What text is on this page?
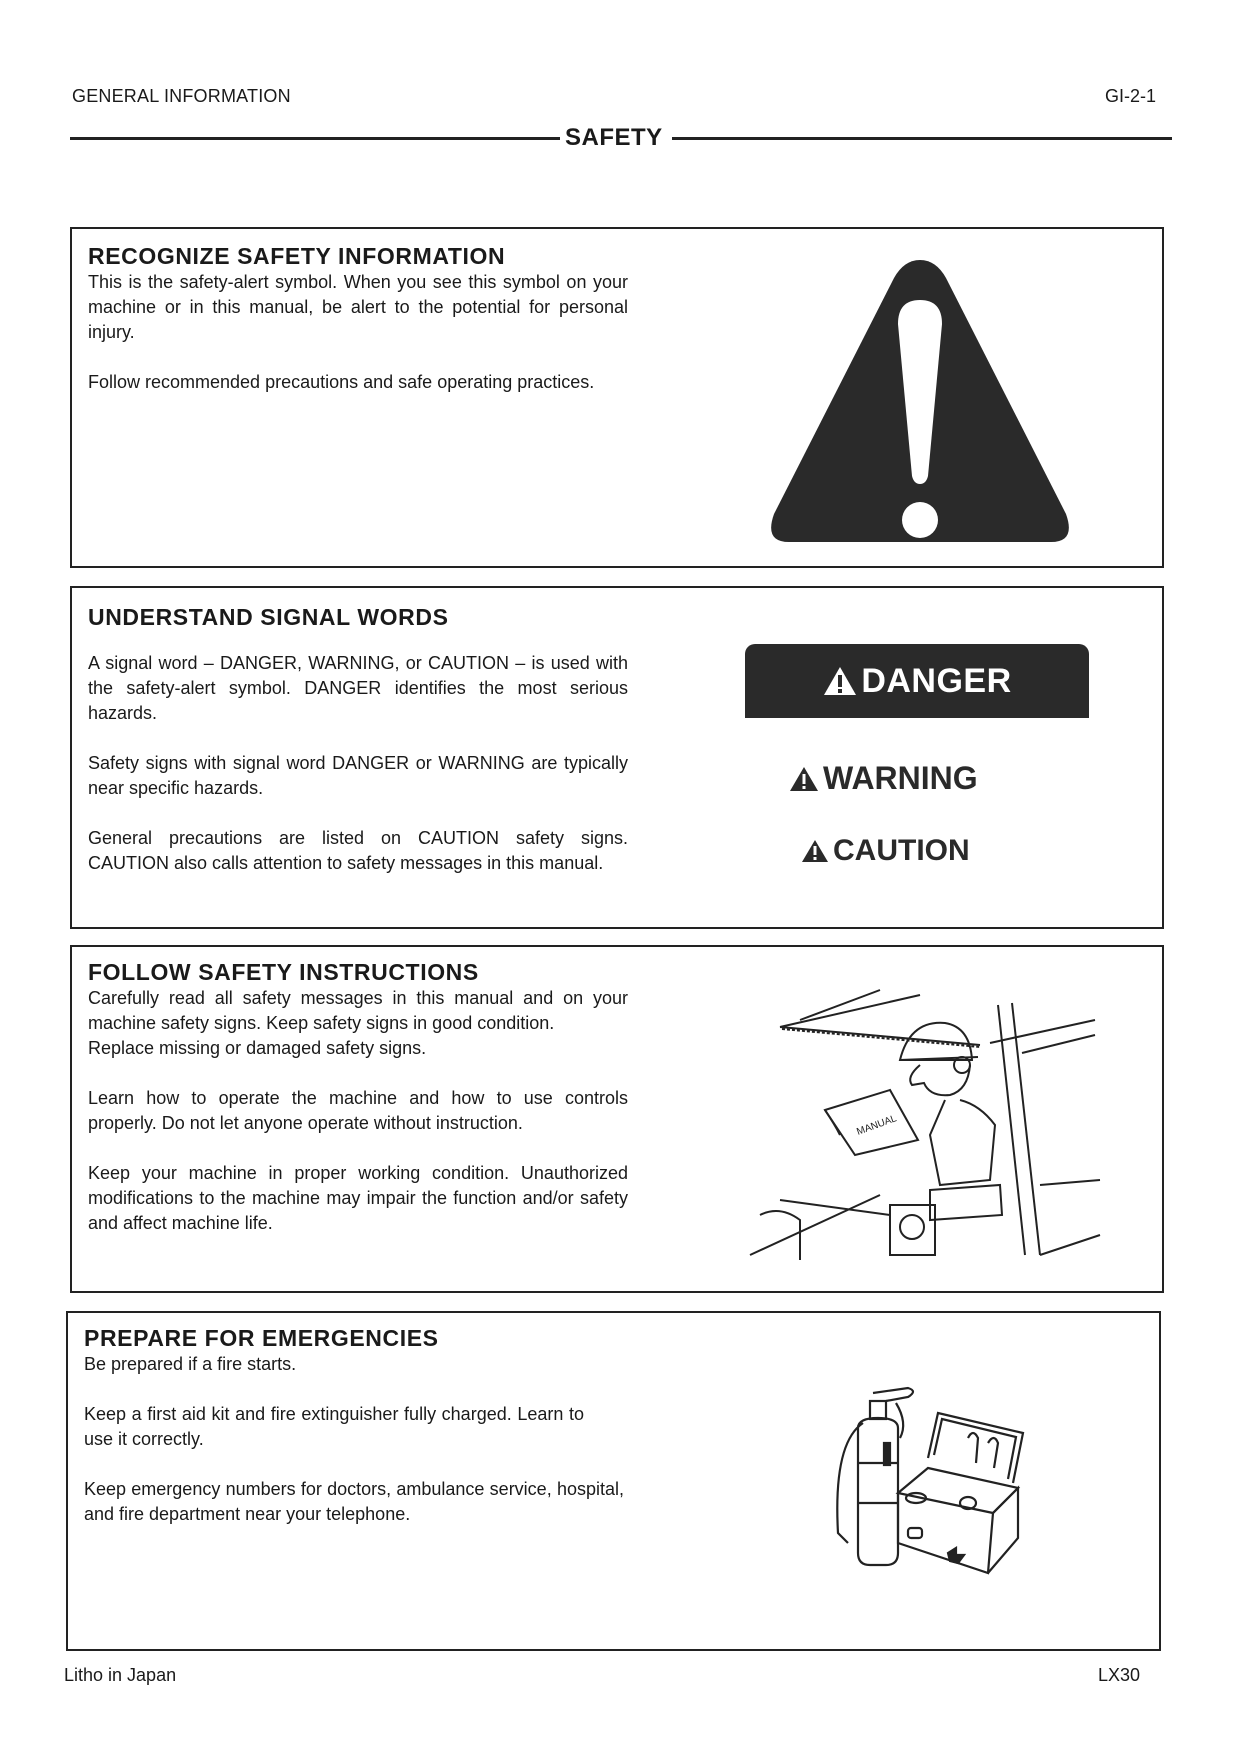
GENERAL INFORMATION	GI-2-1
SAFETY
RECOGNIZE SAFETY INFORMATION

This is the safety-alert symbol. When you see this symbol on your machine or in this manual, be alert to the potential for personal injury.

Follow recommended precautions and safe operating practices.

UNDERSTAND SIGNAL WORDS

A signal word – DANGER, WARNING, or CAUTION – is used with the safety-alert symbol. DANGER identifies the most serious hazards.

Safety signs with signal word DANGER or WARNING are typically near specific hazards.

General precautions are listed on CAUTION safety signs. CAUTION also calls attention to safety messages in this manual.

DANGER
WARNING
CAUTION
FOLLOW SAFETY INSTRUCTIONS

Carefully read all safety messages in this manual and on your machine safety signs. Keep safety signs in good condition.

Replace missing or damaged safety signs.

Learn how to operate the machine and how to use controls properly. Do not let anyone operate without instruction.

Keep your machine in proper working condition. Unauthorized modifications to the machine may impair the function and/or safety and affect machine life.

MANUAL
PREPARE FOR EMERGENCIES

Be prepared if a fire starts.

Keep a first aid kit and fire extinguisher fully charged. Learn to use it correctly.

Keep emergency numbers for doctors, ambulance service, hospital, and fire department near your telephone.

Litho in Japan	LX30
